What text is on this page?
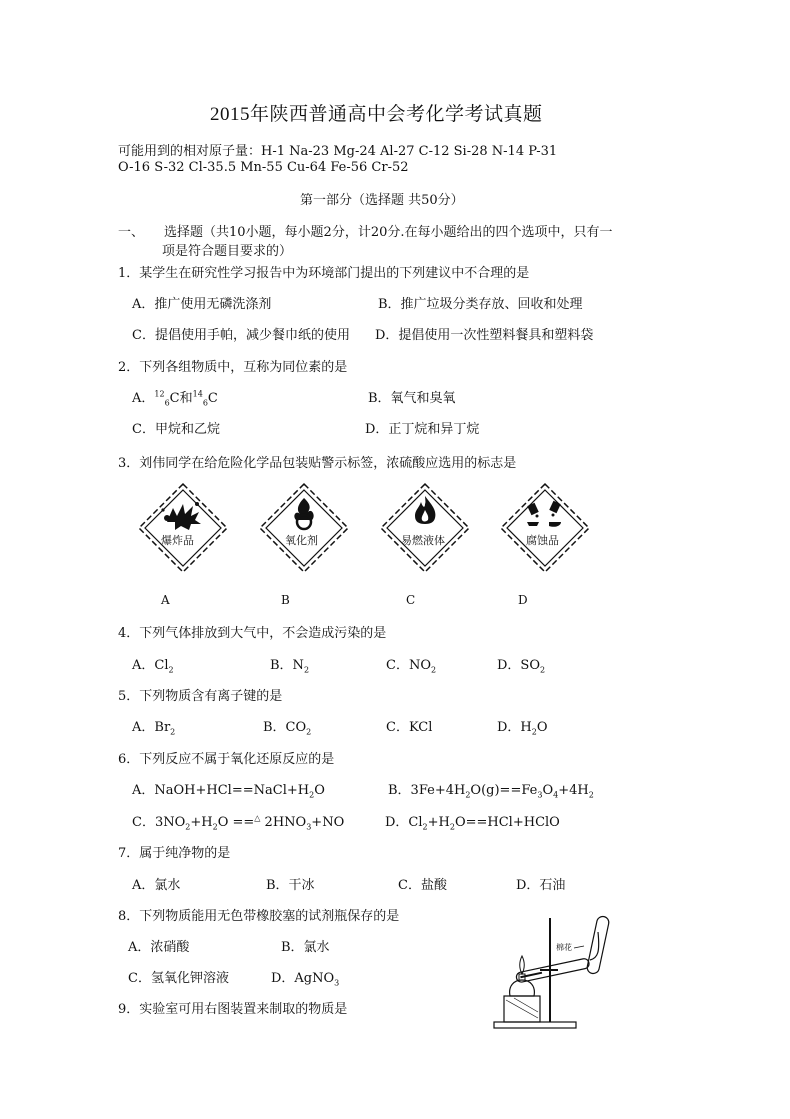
2015年陕西普通高中会考化学考试真题
可能用到的相对原子量：H-1 Na-23 Mg-24 Al-27 C-12 Si-28 N-14 P-31
O-16 S-32 Cl-35.5 Mn-55 Cu-64 Fe-56 Cr-52
第一部分（选择题 共50分）
一、 选择题（共10小题，每小题2分，计20分.在每小题给出的四个选项中，只有一
项是符合题目要求的）
1．某学生在研究性学习报告中为环境部门提出的下列建议中不合理的是
A．推广使用无磷洗涤剂	B．推广垃圾分类存放、回收和处理
C．提倡使用手帕，减少餐巾纸的使用 D．提倡使用一次性塑料餐具和塑料袋
2．下列各组物质中，互称为同位素的是
A．$^{12}_6$C和$^{14}_6$C	B．氧气和臭氧
C．甲烷和乙烷	D．正丁烷和异丁烷
3．刘伟同学在给危险化学品包装贴警示标签，浓硫酸应选用的标志是
爆炸品
A
氧化剂
B
易燃液体
C
腐蚀品
D
4．下列气体排放到大气中，不会造成污染的是
A．$Cl_2$	B．$N_2$	C．$NO_2$	D．$SO_2$
5．下列物质含有离子键的是
A．$Br_2$	B．$CO_2$	C．KCl	D．$H_2O$
6．下列反应不属于氧化还原反应的是
A．$NaOH+HCl==NaCl+H_2O$	B．$3Fe+4H_2O(g)==Fe_3O_4+4H_2$
C．$3NO_2+H_2O ==^\triangle$ $2HNO_3+NO$	D．$Cl_2+H_2O==HCl+HClO$
7．属于纯净物的是
A．氯水	B．干冰	C．盐酸	D．石油
8．下列物质能用无色带橡胶塞的试剂瓶保存的是
A．浓硝酸	B．氯水
C．氢氧化钾溶液	D．AgNO$_3$
9．实验室可用右图装置来制取的物质是
棉花
